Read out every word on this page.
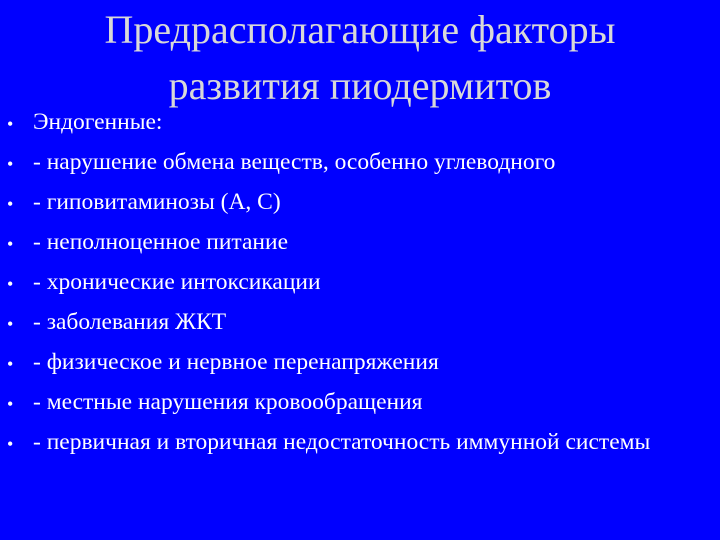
Предрасполагающие факторы
развития пиодермитов
• Эндогенные:
• - нарушение обмена веществ, особенно углеводного
• - гиповитаминозы (А, С)
• - неполноценное питание
• - хронические интоксикации
• - заболевания ЖКТ
• - физическое и нервное перенапряжения
• - местные нарушения кровообращения
• - первичная и вторичная недостаточность иммунной системы
